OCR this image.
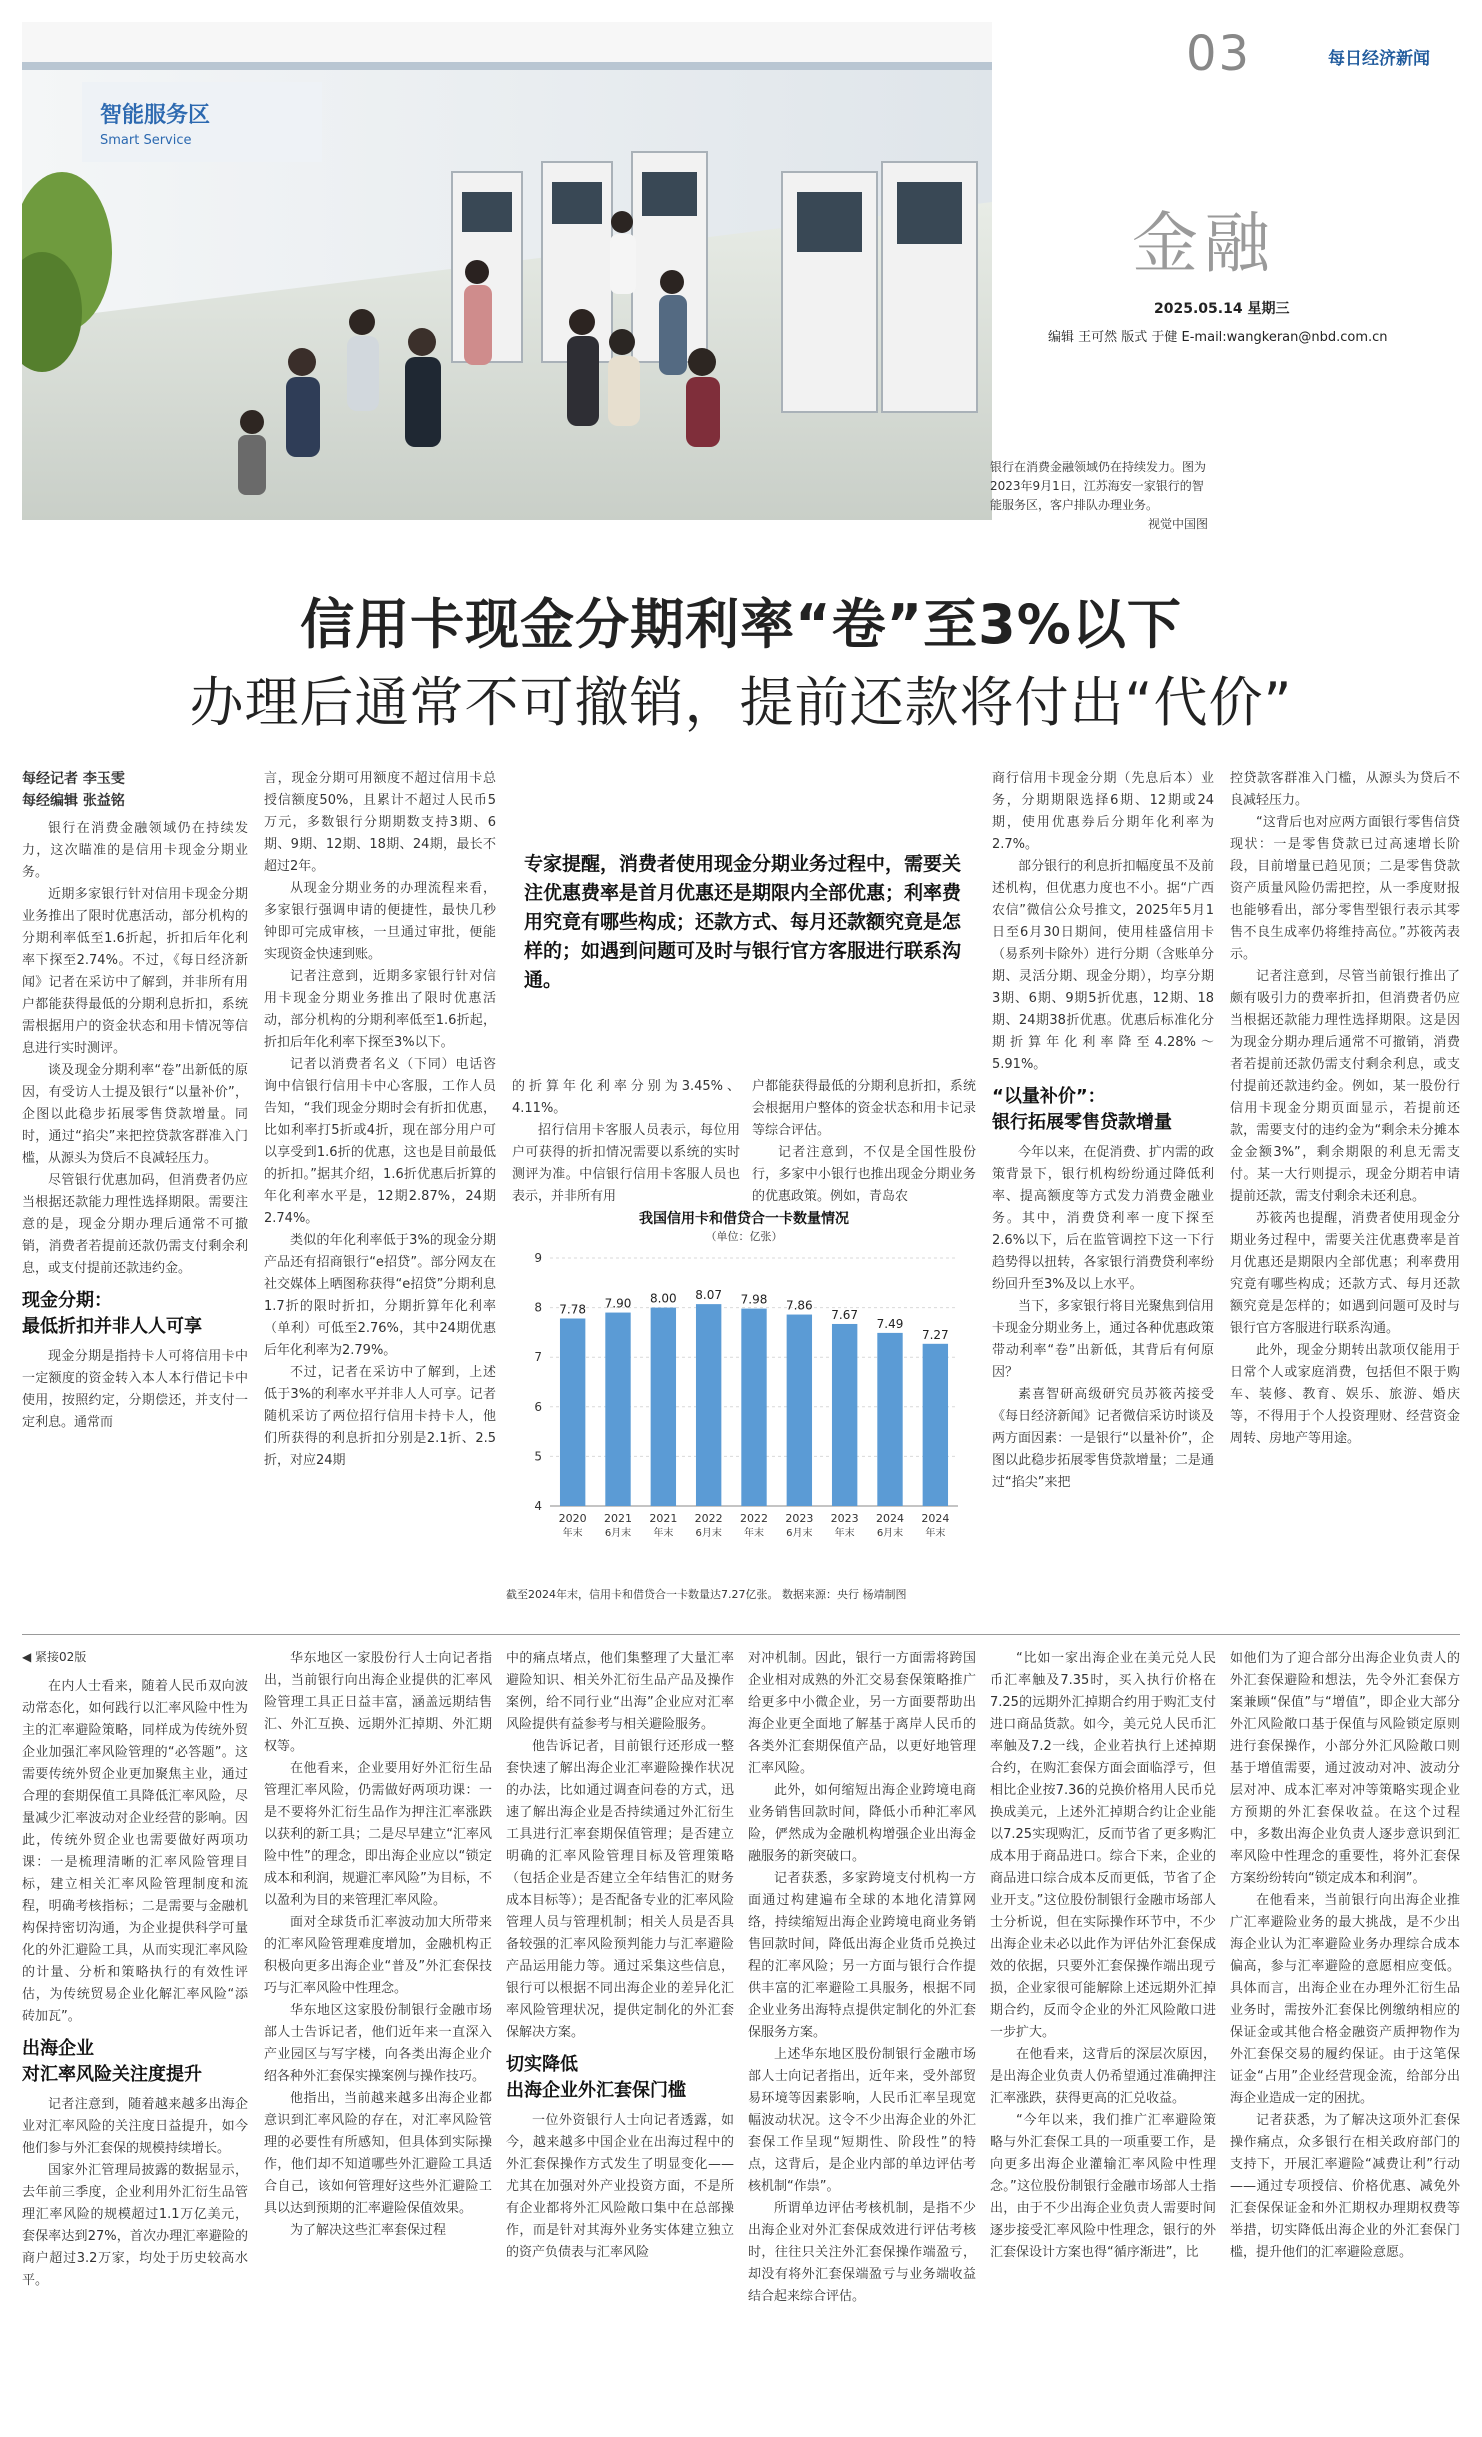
智能服务区
Smart Service
银行在消费金融领域仍在持续发力。图为2023年9月1日，江苏海安一家银行的智能服务区，客户排队办理业务。
视觉中国图
03	每日经济新闻
金融
2025.05.14 星期三
编辑 王可然 版式 于健 E-mail:wangkeran@nbd.com.cn
信用卡现金分期利率“卷”至3%以下
办理后通常不可撤销，提前还款将付出“代价”
每经记者 李玉雯
每经编辑 张益铭

银行在消费金融领域仍在持续发力，这次瞄准的是信用卡现金分期业务。

近期多家银行针对信用卡现金分期业务推出了限时优惠活动，部分机构的分期利率低至1.6折起，折扣后年化利率下探至2.74%。不过，《每日经济新闻》记者在采访中了解到，并非所有用户都能获得最低的分期利息折扣，系统需根据用户的资金状态和用卡情况等信息进行实时测评。

谈及现金分期利率“卷”出新低的原因，有受访人士提及银行“以量补价”，企图以此稳步拓展零售贷款增量。同时，通过“掐尖”来把控贷款客群准入门槛，从源头为贷后不良减轻压力。

尽管银行优惠加码，但消费者仍应当根据还款能力理性选择期限。需要注意的是，现金分期办理后通常不可撤销，消费者若提前还款仍需支付剩余利息，或支付提前还款违约金。

现金分期：
最低折扣并非人人可享

现金分期是指持卡人可将信用卡中一定额度的资金转入本人本行借记卡中使用，按照约定，分期偿还，并支付一定利息。通常而

言，现金分期可用额度不超过信用卡总授信额度50%，且累计不超过人民币5万元，多数银行分期期数支持3期、6期、9期、12期、18期、24期，最长不超过2年。

从现金分期业务的办理流程来看，多家银行强调申请的便捷性，最快几秒钟即可完成审核，一旦通过审批，便能实现资金快速到账。

记者注意到，近期多家银行针对信用卡现金分期业务推出了限时优惠活动，部分机构的分期利率低至1.6折起，折扣后年化利率下探至3%以下。

记者以消费者名义（下同）电话咨询中信银行信用卡中心客服，工作人员告知，“我们现金分期时会有折扣优惠，比如利率打5折或4折，现在部分用户可以享受到1.6折的优惠，这也是目前最低的折扣。”据其介绍，1.6折优惠后折算的年化利率水平是，12期2.87%，24期2.74%。

类似的年化利率低于3%的现金分期产品还有招商银行“e招贷”。部分网友在社交媒体上晒图称获得“e招贷”分期利息1.7折的限时折扣，分期折算年化利率（单利）可低至2.76%，其中24期优惠后年化利率为2.79%。

不过，记者在采访中了解到，上述低于3%的利率水平并非人人可享。记者随机采访了两位招行信用卡持卡人，他们所获得的利息折扣分别是2.1折、2.5折，对应24期

专家提醒，消费者使用现金分期业务过程中，需要关注优惠费率是首月优惠还是期限内全部优惠；利率费用究竟有哪些构成；还款方式、每月还款额究竟是怎样的；如遇到问题可及时与银行官方客服进行联系沟通。

的折算年化利率分别为3.45%、4.11%。

招行信用卡客服人员表示，每位用户可获得的折扣情况需要以系统的实时测评为准。中信银行信用卡客服人员也表示，并非所有用

户都能获得最低的分期利息折扣，系统会根据用户整体的资金状态和用卡记录等综合评估。

记者注意到，不仅是全国性股份行，多家中小银行也推出现金分期业务的优惠政策。例如，青岛农

我国信用卡和借贷合一卡数量情况
（单位：亿张）
4
5
6
7
8
9
7.78
2020
年末
7.90
2021
6月末
8.00
2021
年末
8.07
2022
6月末
7.98
2022
年末
7.86
2023
6月末
7.67
2023
年末
7.49
2024
6月末
7.27
2024
年末
截至2024年末，信用卡和借贷合一卡数量达7.27亿张。 数据来源：央行 杨靖制图

商行信用卡现金分期（先息后本）业务，分期期限选择6期、12期或24期，使用优惠券后分期年化利率为2.7%。

部分银行的利息折扣幅度虽不及前述机构，但优惠力度也不小。据“广西农信”微信公众号推文，2025年5月1日至6月30日期间，使用桂盛信用卡（易系列卡除外）进行分期（含账单分期、灵活分期、现金分期），均享分期3期、6期、9期5折优惠，12期、18期、24期38折优惠。优惠后标准化分期折算年化利率降至4.28%～5.91%。

“以量补价”：
银行拓展零售贷款增量

今年以来，在促消费、扩内需的政策背景下，银行机构纷纷通过降低利率、提高额度等方式发力消费金融业务。其中，消费贷利率一度下探至2.6%以下，后在监管调控下这一下行趋势得以扭转，各家银行消费贷利率纷纷回升至3%及以上水平。

当下，多家银行将目光聚焦到信用卡现金分期业务上，通过各种优惠政策带动利率“卷”出新低，其背后有何原因？

素喜智研高级研究员苏筱芮接受《每日经济新闻》记者微信采访时谈及两方面因素：一是银行“以量补价”，企图以此稳步拓展零售贷款增量；二是通过“掐尖”来把

控贷款客群准入门槛，从源头为贷后不良减轻压力。

“这背后也对应两方面银行零售信贷现状：一是零售贷款已过高速增长阶段，目前增量已趋见顶；二是零售贷款资产质量风险仍需把控，从一季度财报也能够看出，部分零售型银行表示其零售不良生成率仍将维持高位。”苏筱芮表示。

记者注意到，尽管当前银行推出了颇有吸引力的费率折扣，但消费者仍应当根据还款能力理性选择期限。这是因为现金分期办理后通常不可撤销，消费者若提前还款仍需支付剩余利息，或支付提前还款违约金。例如，某一股份行信用卡现金分期页面显示，若提前还款，需要支付的违约金为“剩余未分摊本金金额3%”，剩余期限的利息无需支付。某一大行则提示，现金分期若申请提前还款，需支付剩余未还利息。

苏筱芮也提醒，消费者使用现金分期业务过程中，需要关注优惠费率是首月优惠还是期限内全部优惠；利率费用究竟有哪些构成；还款方式、每月还款额究竟是怎样的；如遇到问题可及时与银行官方客服进行联系沟通。

此外，现金分期转出款项仅能用于日常个人或家庭消费，包括但不限于购车、装修、教育、娱乐、旅游、婚庆等，不得用于个人投资理财、经营资金周转、房地产等用途。

◀ 紧接02版

在内人士看来，随着人民币双向波动常态化，如何践行以汇率风险中性为主的汇率避险策略，同样成为传统外贸企业加强汇率风险管理的“必答题”。这需要传统外贸企业更加聚焦主业，通过合理的套期保值工具降低汇率风险，尽量减少汇率波动对企业经营的影响。因此，传统外贸企业也需要做好两项功课：一是梳理清晰的汇率风险管理目标，建立相关汇率风险管理制度和流程，明确考核指标；二是需要与金融机构保持密切沟通，为企业提供科学可量化的外汇避险工具，从而实现汇率风险的计量、分析和策略执行的有效性评估，为传统贸易企业化解汇率风险“添砖加瓦”。

出海企业
对汇率风险关注度提升

记者注意到，随着越来越多出海企业对汇率风险的关注度日益提升，如今他们参与外汇套保的规模持续增长。

国家外汇管理局披露的数据显示，去年前三季度，企业利用外汇衍生品管理汇率风险的规模超过1.1万亿美元，套保率达到27%，首次办理汇率避险的商户超过3.2万家，均处于历史较高水平。

华东地区一家股份行人士向记者指出，当前银行向出海企业提供的汇率风险管理工具正日益丰富，涵盖远期结售汇、外汇互换、远期外汇掉期、外汇期权等。

在他看来，企业要用好外汇衍生品管理汇率风险，仍需做好两项功课：一是不要将外汇衍生品作为押注汇率涨跌以获利的新工具；二是尽早建立“汇率风险中性”的理念，即出海企业应以“锁定成本和利润，规避汇率风险”为目标，不以盈利为目的来管理汇率风险。

面对全球货币汇率波动加大所带来的汇率风险管理难度增加，金融机构正积极向更多出海企业“普及”外汇套保技巧与汇率风险中性理念。

华东地区这家股份制银行金融市场部人士告诉记者，他们近年来一直深入产业园区与写字楼，向各类出海企业介绍各种外汇套保实操案例与操作技巧。

他指出，当前越来越多出海企业都意识到汇率风险的存在，对汇率风险管理的必要性有所感知，但具体到实际操作，他们却不知道哪些外汇避险工具适合自己，该如何管理好这些外汇避险工具以达到预期的汇率避险保值效果。

为了解决这些汇率套保过程

中的痛点堵点，他们集整理了大量汇率避险知识、相关外汇衍生品产品及操作案例，给不同行业“出海”企业应对汇率风险提供有益参考与相关避险服务。

他告诉记者，目前银行还形成一整套快速了解出海企业汇率避险操作状况的办法，比如通过调查问卷的方式，迅速了解出海企业是否持续通过外汇衍生工具进行汇率套期保值管理；是否建立明确的汇率风险管理目标及管理策略（包括企业是否建立全年结售汇的财务成本目标等）；是否配备专业的汇率风险管理人员与管理机制；相关人员是否具备较强的汇率风险预判能力与汇率避险产品运用能力等。通过采集这些信息，银行可以根据不同出海企业的差异化汇率风险管理状况，提供定制化的外汇套保解决方案。

切实降低
出海企业外汇套保门槛

一位外资银行人士向记者透露，如今，越来越多中国企业在出海过程中的外汇套保操作方式发生了明显变化——尤其在加强对外产业投资方面，不是所有企业都将外汇风险敞口集中在总部操作，而是针对其海外业务实体建立独立的资产负债表与汇率风险

对冲机制。因此，银行一方面需将跨国企业相对成熟的外汇交易套保策略推广给更多中小微企业，另一方面要帮助出海企业更全面地了解基于离岸人民币的各类外汇套期保值产品，以更好地管理汇率风险。

此外，如何缩短出海企业跨境电商业务销售回款时间，降低小币种汇率风险，俨然成为金融机构增强企业出海金融服务的新突破口。

记者获悉，多家跨境支付机构一方面通过构建遍布全球的本地化清算网络，持续缩短出海企业跨境电商业务销售回款时间，降低出海企业货币兑换过程的汇率风险；另一方面与银行合作提供丰富的汇率避险工具服务，根据不同企业业务出海特点提供定制化的外汇套保服务方案。

上述华东地区股份制银行金融市场部人士向记者指出，近年来，受外部贸易环境等因素影响，人民币汇率呈现宽幅波动状况。这令不少出海企业的外汇套保工作呈现“短期性、阶段性”的特点，这背后，是企业内部的单边评估考核机制“作祟”。

所谓单边评估考核机制，是指不少出海企业对外汇套保成效进行评估考核时，往往只关注外汇套保操作端盈亏，却没有将外汇套保端盈亏与业务端收益结合起来综合评估。

“比如一家出海企业在美元兑人民币汇率触及7.35时，买入执行价格在7.25的远期外汇掉期合约用于购汇支付进口商品货款。如今，美元兑人民币汇率触及7.2一线，企业若执行上述掉期合约，在购汇套保方面会面临浮亏，但相比企业按7.36的兑换价格用人民币兑换成美元，上述外汇掉期合约让企业能以7.25实现购汇，反而节省了更多购汇成本用于商品进口。综合下来，企业的商品进口综合成本反而更低，节省了企业开支。”这位股份制银行金融市场部人士分析说，但在实际操作环节中，不少出海企业未必以此作为评估外汇套保成效的依据，只要外汇套保操作端出现亏损，企业家很可能解除上述远期外汇掉期合约，反而令企业的外汇风险敞口进一步扩大。

在他看来，这背后的深层次原因，是出海企业负责人仍希望通过准确押注汇率涨跌，获得更高的汇兑收益。

“今年以来，我们推广汇率避险策略与外汇套保工具的一项重要工作，是向更多出海企业灌输汇率风险中性理念。”这位股份制银行金融市场部人士指出，由于不少出海企业负责人需要时间逐步接受汇率风险中性理念，银行的外汇套保设计方案也得“循序渐进”，比

如他们为了迎合部分出海企业负责人的外汇套保避险和想法，先令外汇套保方案兼顾“保值”与“增值”，即企业大部分外汇风险敞口基于保值与风险锁定原则进行套保操作，小部分外汇风险敞口则基于增值需要，通过波动对冲、波动分层对冲、成本汇率对冲等策略实现企业方预期的外汇套保收益。在这个过程中，多数出海企业负责人逐步意识到汇率风险中性理念的重要性，将外汇套保方案纷纷转向“锁定成本和利润”。

在他看来，当前银行向出海企业推广汇率避险业务的最大挑战，是不少出海企业认为汇率避险业务办理综合成本偏高，参与汇率避险的意愿相应变低。具体而言，出海企业在办理外汇衍生品业务时，需按外汇套保比例缴纳相应的保证金或其他合格金融资产质押物作为外汇套保交易的履约保证。由于这笔保证金“占用”企业经营现金流，给部分出海企业造成一定的困扰。

记者获悉，为了解决这项外汇套保操作痛点，众多银行在相关政府部门的支持下，开展汇率避险“减费让利”行动——通过专项授信、价格优惠、减免外汇套保保证金和外汇期权办理期权费等举措，切实降低出海企业的外汇套保门槛，提升他们的汇率避险意愿。
